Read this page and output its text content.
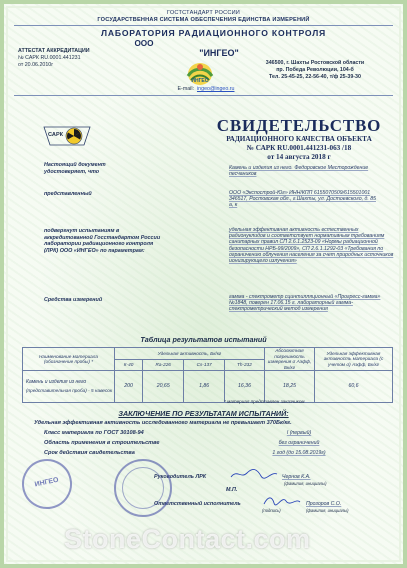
ГОСТСТАНДАРТ РОССИИ
ГОСУДАРСТВЕННАЯ СИСТЕМА ОБЕСПЕЧЕНИЯ ЕДИНСТВА ИЗМЕРЕНИЙ
ЛАБОРАТОРИЯ РАДИАЦИОННОГО КОНТРОЛЯ
ООО
"ИНГЕО"
АТТЕСТАТ АККРЕДИТАЦИИ
№ САРК RU.0001.441231
от 20.06.2010г
ИНГЕО
346500, г. Шахты Ростовской области
пр. Победа Революции, 104-б
Тел. 25-45-25, 22-56-40, т/ф 25-39-30
E-mail: ingeo@ingeo.ru
САРК	СВИДЕТЕЛЬСТВО
РАДИАЦИОННОГО КАЧЕСТВА ОБЪЕКТА
№ САРК RU.0001.441231-063 /18
от 14 августа 2018 г
Настоящий документ удостоверяет, что
Камень и изделия из него. Федоровское Месторождение песчаников
представленный	ООО «Экспострой-Юг» ИНН/КПП 6155070509/615501001 346517, Ростовская обл., г.Шахты, ул. Достоевского, д. 85 а, к
подвергнут испытаниям в аккредитованной Госстандартом России лаборатории радиационного контроля (ЛРК) ООО «ИНГЕО» по параметрам:
удельная эффективная активность естественных радионуклидов и соответствует нормативным требованиям санитарных правил СП 2.6.1.2523-09 «Нормы радиационной безопасности НРБ-99/2009», СП 2.6.1.1292-03 «Требования по ограничению облучения населения за счет природных источников ионизирующего излучения»
Средства измерений	гамма - спектрометр сцинтилляционный «Прогресс-гамма» №1848, поверен 17.06.15 г. лабораторный гамма-спектрометрический метод измерения
Таблица результатов испытаний
Наименование материала (обозначение пробы) *	Удельная активность, Бк/кг				Абсолютная погрешность измерения σ Aэфф, Бк/кг	Удельная эффективная активность материала (с учетом σ) Aэфф, Бк/кг
	К-40	Ra-226	Cs-137	Th-232		

Камень и изделия из него
(представительная проба) - 5 навесок	200	20,65	1,86	16,36	18,25	60,6
* материал представлен заказчиком
ЗАКЛЮЧЕНИЕ ПО РЕЗУЛЬТАТАМ ИСПЫТАНИЙ:
Удельная эффективная активность исследованного материала не превышает 370Бк/кг.
Класс материала по ГОСТ 30108-94	I (первый)
Область применения в строительстве	без ограничений
Срок действия свидетельства	1 год (до 15.08.2019г)
Руководитель ЛРК	Чернов К.А.
(фамилия, инициалы)
М.П.
Ответственный исполнитель
(подпись)
Прозоров С.О.
(фамилия, инициалы)
ИНГЕО
StoneContact.com
